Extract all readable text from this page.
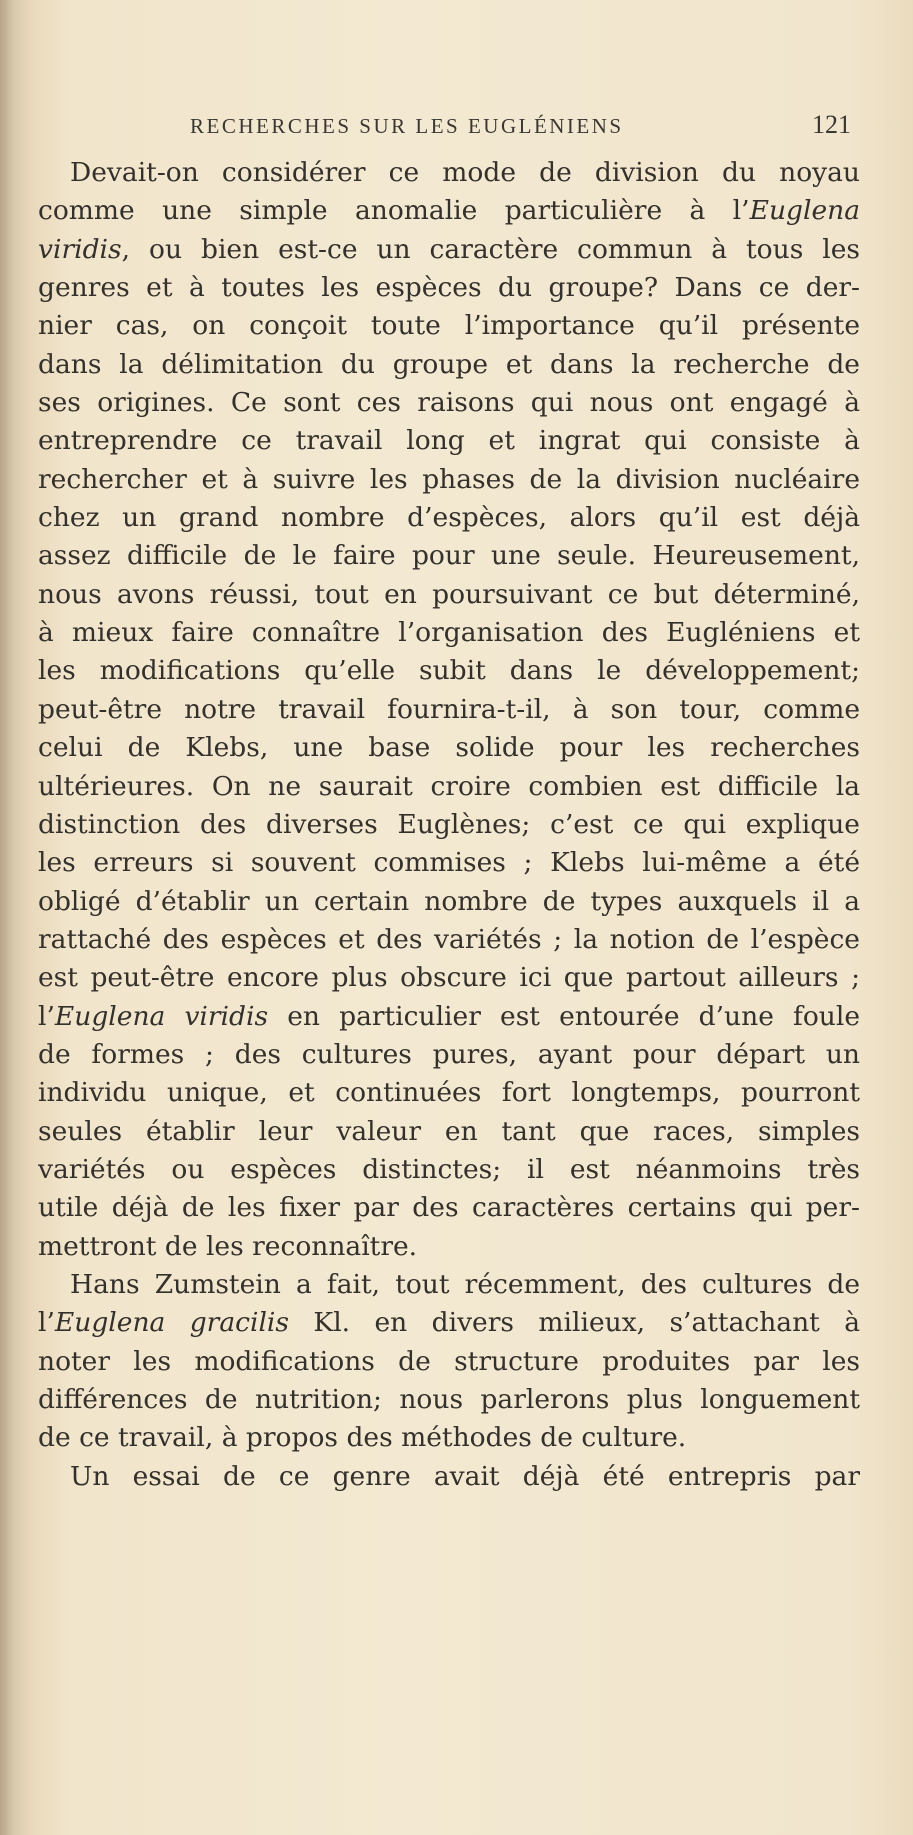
RECHERCHES SUR LES EUGLÉNIENS	121
Devait-on considérer ce mode de division du noyau
comme une simple anomalie particulière à l’Euglena
viridis, ou bien est-ce un caractère commun à tous les
genres et à toutes les espèces du groupe? Dans ce der-
nier cas, on conçoit toute l’importance qu’il présente
dans la délimitation du groupe et dans la recherche de
ses origines. Ce sont ces raisons qui nous ont engagé à
entreprendre ce travail long et ingrat qui consiste à
rechercher et à suivre les phases de la division nucléaire
chez un grand nombre d’espèces, alors qu’il est déjà
assez difficile de le faire pour une seule. Heureusement,
nous avons réussi, tout en poursuivant ce but déterminé,
à mieux faire connaître l’organisation des Eugléniens et
les modifications qu’elle subit dans le développement;
peut-être notre travail fournira-t-il, à son tour, comme
celui de Klebs, une base solide pour les recherches
ultérieures. On ne saurait croire combien est difficile la
distinction des diverses Euglènes; c’est ce qui explique
les erreurs si souvent commises ; Klebs lui-même a été
obligé d’établir un certain nombre de types auxquels il a
rattaché des espèces et des variétés ; la notion de l’espèce
est peut-être encore plus obscure ici que partout ailleurs ;
l’Euglena viridis en particulier est entourée d’une foule
de formes ; des cultures pures, ayant pour départ un
individu unique, et continuées fort longtemps, pourront
seules établir leur valeur en tant que races, simples
variétés ou espèces distinctes; il est néanmoins très
utile déjà de les fixer par des caractères certains qui per-
mettront de les reconnaître.
Hans Zumstein a fait, tout récemment, des cultures de
l’Euglena gracilis Kl. en divers milieux, s’attachant à
noter les modifications de structure produites par les
différences de nutrition; nous parlerons plus longuement
de ce travail, à propos des méthodes de culture.
Un essai de ce genre avait déjà été entrepris par
